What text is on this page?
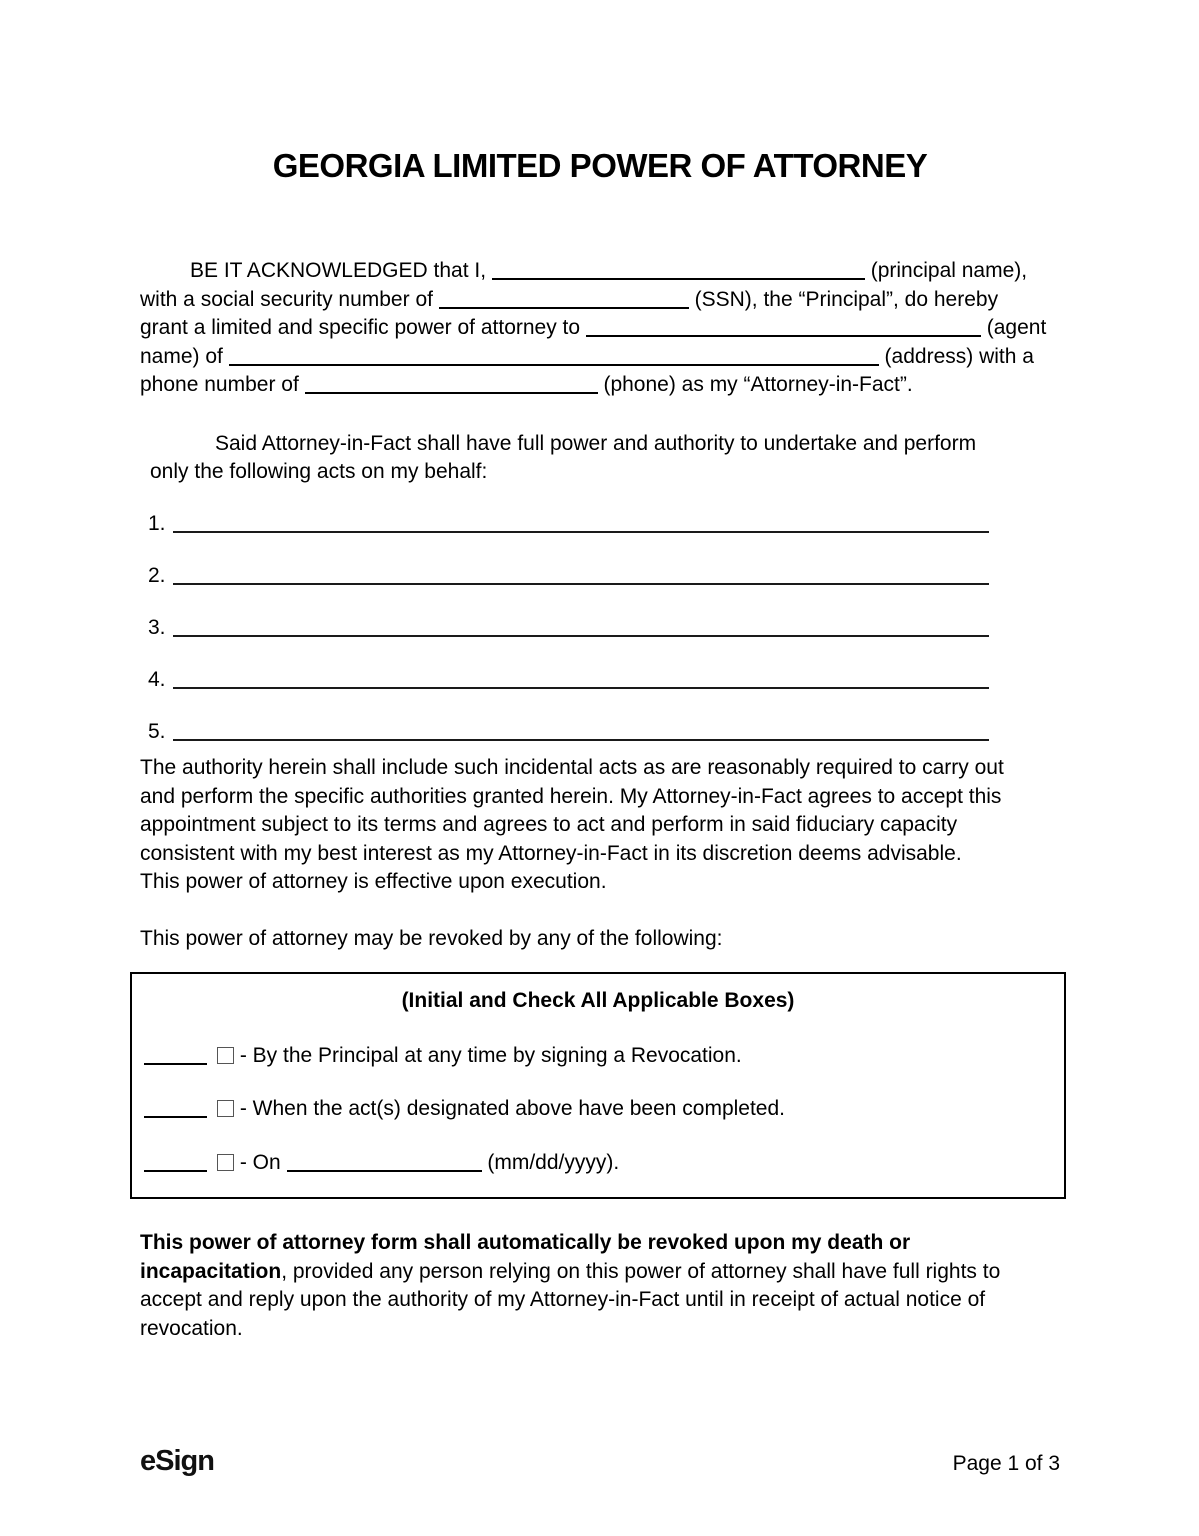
GEORGIA LIMITED POWER OF ATTORNEY
BE IT ACKNOWLEDGED that I,	(principal name),
with a social security number of	(SSN), the “Principal”, do hereby
grant a limited and specific power of attorney to	(agent
name) of	(address) with a
phone number of	(phone) as my “Attorney-in-Fact”.
Said Attorney-in-Fact shall have full power and authority to undertake and perform
only the following acts on my behalf:
1.
2.
3.
4.
5.
The authority herein shall include such incidental acts as are reasonably required to carry out
and perform the specific authorities granted herein. My Attorney-in-Fact agrees to accept this
appointment subject to its terms and agrees to act and perform in said fiduciary capacity
consistent with my best interest as my Attorney-in-Fact in its discretion deems advisable.
This power of attorney is effective upon execution.
This power of attorney may be revoked by any of the following:
(Initial and Check All Applicable Boxes)
- By the Principal at any time by signing a Revocation.
- When the act(s) designated above have been completed.
- On	(mm/dd/yyyy).
This power of attorney form shall automatically be revoked upon my death or
incapacitation, provided any person relying on this power of attorney shall have full rights to
accept and reply upon the authority of my Attorney-in-Fact until in receipt of actual notice of
revocation.
eSign	Page 1 of 3
